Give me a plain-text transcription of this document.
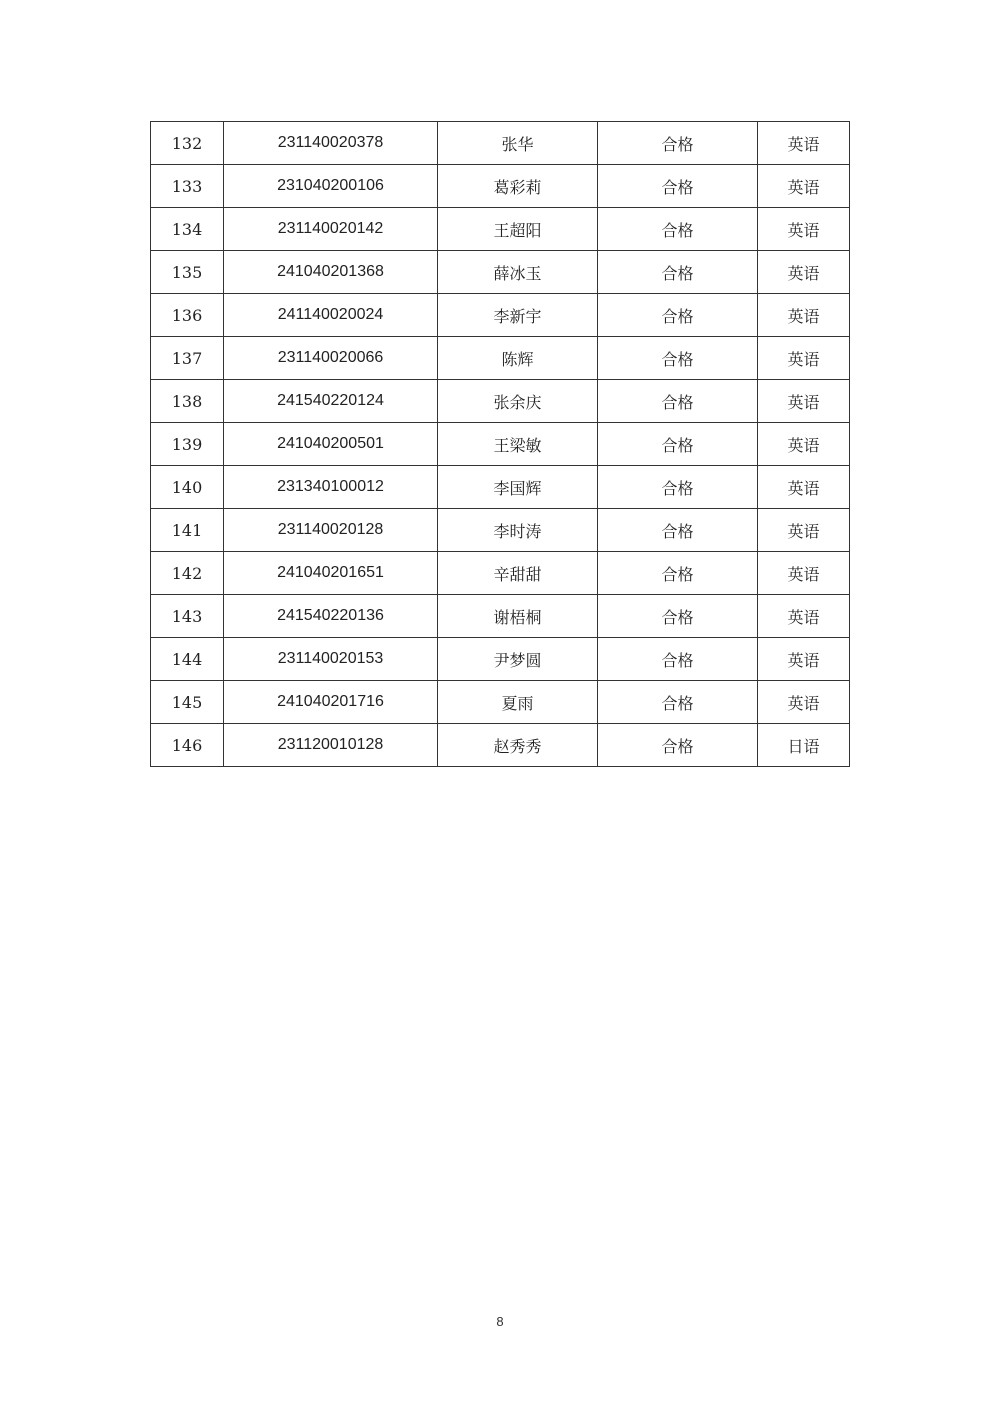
132	231140020378	张华	合格	英语
133	231040200106	葛彩莉	合格	英语
134	231140020142	王超阳	合格	英语
135	241040201368	薛冰玉	合格	英语
136	241140020024	李新宇	合格	英语
137	231140020066	陈辉	合格	英语
138	241540220124	张余庆	合格	英语
139	241040200501	王梁敏	合格	英语
140	231340100012	李国辉	合格	英语
141	231140020128	李时涛	合格	英语
142	241040201651	辛甜甜	合格	英语
143	241540220136	谢梧桐	合格	英语
144	231140020153	尹梦圆	合格	英语
145	241040201716	夏雨	合格	英语
146	231120010128	赵秀秀	合格	日语
8
